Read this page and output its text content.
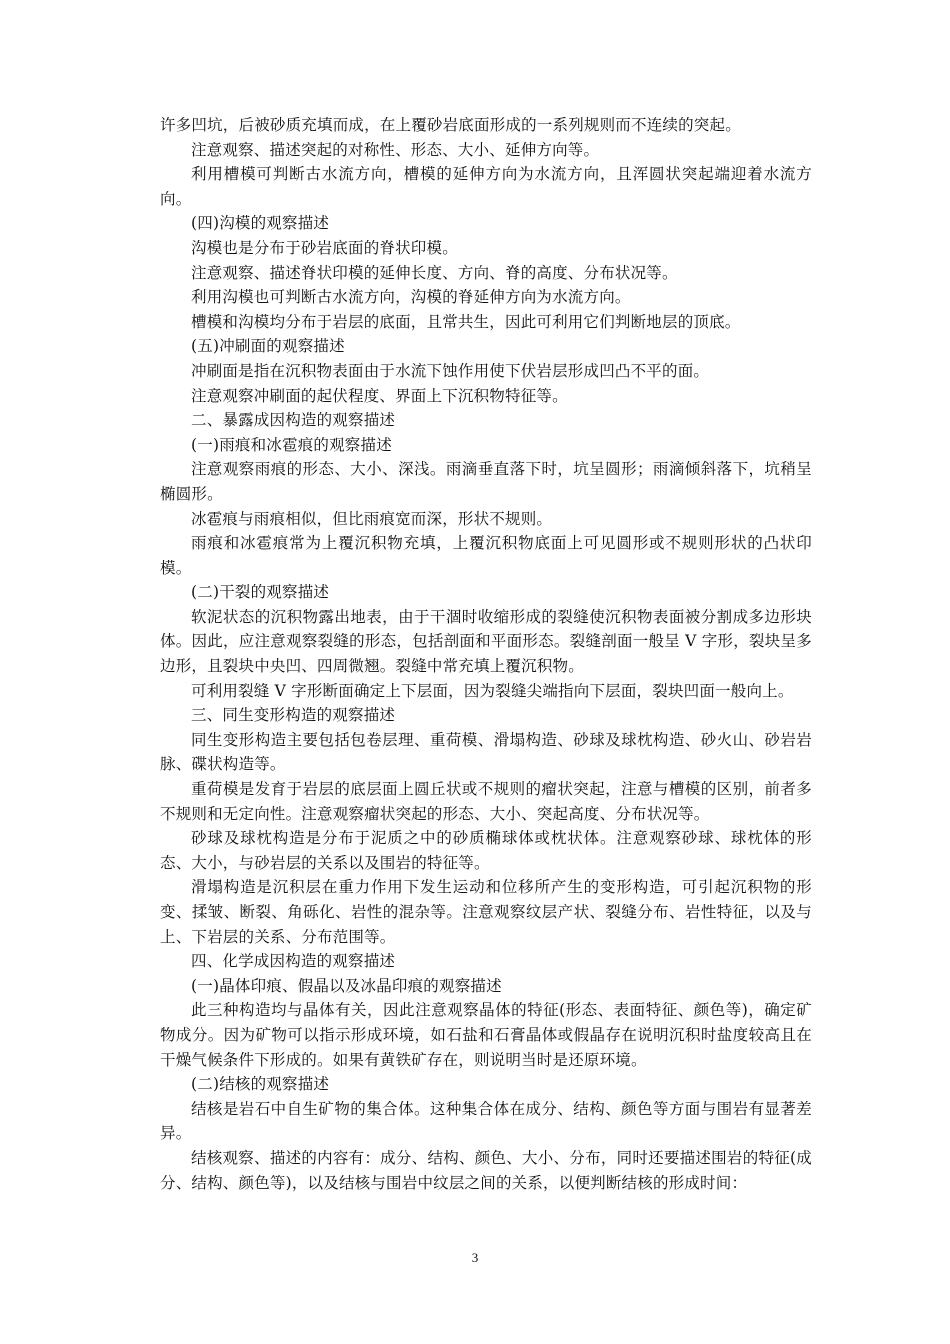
许多凹坑，后被砂质充填而成，在上覆砂岩底面形成的一系列规则而不连续的突起。

注意观察、描述突起的对称性、形态、大小、延伸方向等。

利用槽模可判断古水流方向，槽模的延伸方向为水流方向，且浑圆状突起端迎着水流方向。

(四)沟模的观察描述

沟模也是分布于砂岩底面的脊状印模。

注意观察、描述脊状印模的延伸长度、方向、脊的高度、分布状况等。

利用沟模也可判断古水流方向，沟模的脊延伸方向为水流方向。

槽模和沟模均分布于岩层的底面，且常共生，因此可利用它们判断地层的顶底。

(五)冲刷面的观察描述

冲刷面是指在沉积物表面由于水流下蚀作用使下伏岩层形成凹凸不平的面。

注意观察冲刷面的起伏程度、界面上下沉积物特征等。

二、暴露成因构造的观察描述

(一)雨痕和冰雹痕的观察描述

注意观察雨痕的形态、大小、深浅。雨滴垂直落下时，坑呈圆形；雨滴倾斜落下，坑稍呈椭圆形。

冰雹痕与雨痕相似，但比雨痕宽而深，形状不规则。

雨痕和冰雹痕常为上覆沉积物充填，上覆沉积物底面上可见圆形或不规则形状的凸状印模。

(二)干裂的观察描述

软泥状态的沉积物露出地表，由于干涸时收缩形成的裂缝使沉积物表面被分割成多边形块体。因此，应注意观察裂缝的形态，包括剖面和平面形态。裂缝剖面一般呈 V 字形，裂块呈多边形，且裂块中央凹、四周微翘。裂缝中常充填上覆沉积物。

可利用裂缝 V 字形断面确定上下层面，因为裂缝尖端指向下层面，裂块凹面一般向上。

三、同生变形构造的观察描述

同生变形构造主要包括包卷层理、重荷模、滑塌构造、砂球及球枕构造、砂火山、砂岩岩脉、碟状构造等。

重荷模是发育于岩层的底层面上圆丘状或不规则的瘤状突起，注意与槽模的区别，前者多不规则和无定向性。注意观察瘤状突起的形态、大小、突起高度、分布状况等。

砂球及球枕构造是分布于泥质之中的砂质椭球体或枕状体。注意观察砂球、球枕体的形态、大小，与砂岩层的关系以及围岩的特征等。

滑塌构造是沉积层在重力作用下发生运动和位移所产生的变形构造，可引起沉积物的形变、揉皱、断裂、角砾化、岩性的混杂等。注意观察纹层产状、裂缝分布、岩性特征，以及与上、下岩层的关系、分布范围等。

四、化学成因构造的观察描述

(一)晶体印痕、假晶以及冰晶印痕的观察描述

此三种构造均与晶体有关，因此注意观察晶体的特征(形态、表面特征、颜色等)，确定矿物成分。因为矿物可以指示形成环境，如石盐和石膏晶体或假晶存在说明沉积时盐度较高且在干燥气候条件下形成的。如果有黄铁矿存在，则说明当时是还原环境。

(二)结核的观察描述

结核是岩石中自生矿物的集合体。这种集合体在成分、结构、颜色等方面与围岩有显著差异。

结核观察、描述的内容有：成分、结构、颜色、大小、分布，同时还要描述围岩的特征(成分、结构、颜色等)，以及结核与围岩中纹层之间的关系，以便判断结核的形成时间：

3
